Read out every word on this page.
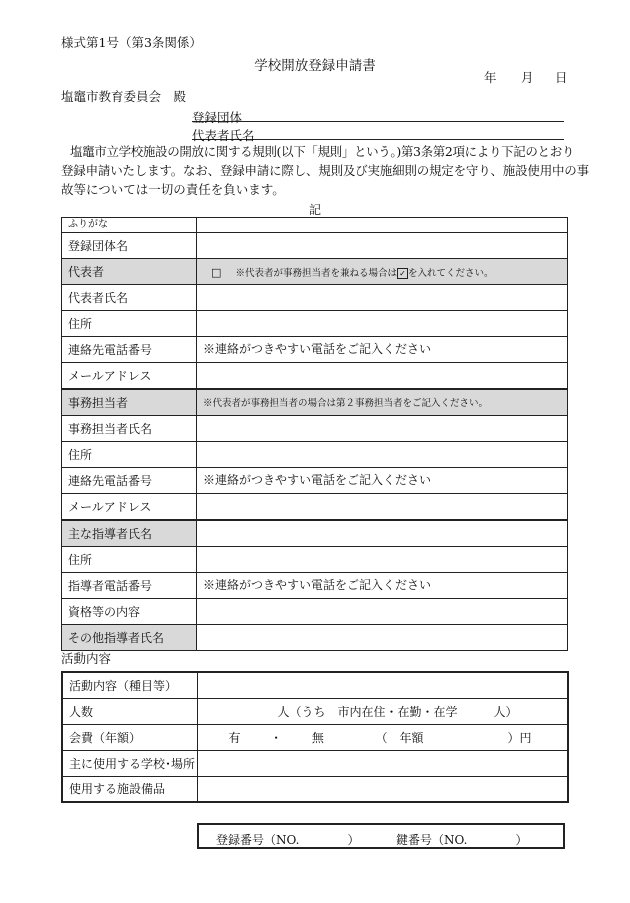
様式第1号（第3条関係）
学校開放登録申請書
年 月 日
塩竈市教育委員会　殿
登録団体
代表者氏名
塩竈市立学校施設の開放に関する規則(以下「規則」という。)第3条第2項により下記のとおり
登録申請いたします。なお、登録申請に際し、規則及び実施細則の規定を守り、施設使用中の事
故等については一切の責任を負います。
記
ふりがな	
登録団体名	
代表者	□ ※代表者が事務担当者を兼ねる場合は ✓ を入れてください。
代表者氏名	
住所	
連絡先電話番号	※連絡がつきやすい電話をご記入ください
メールアドレス	
事務担当者	※代表者が事務担当者の場合は第２事務担当者をご記入ください。
事務担当者氏名	
住所	
連絡先電話番号	※連絡がつきやすい電話をご記入ください
メールアドレス	
主な指導者氏名	
住所	
指導者電話番号	※連絡がつきやすい電話をご記入ください
資格等の内容	
その他指導者氏名	
活動内容
活動内容（種目等）	
人数	人（うち　市内在住・在勤・在学　　　人）
会費（年額）	有 ・ 無 （　年額　　　　　　　）円
主に使用する学校･場所	
使用する施設備品	
登録番号（NO.　　　　）	鍵番号（NO.　　　　）
